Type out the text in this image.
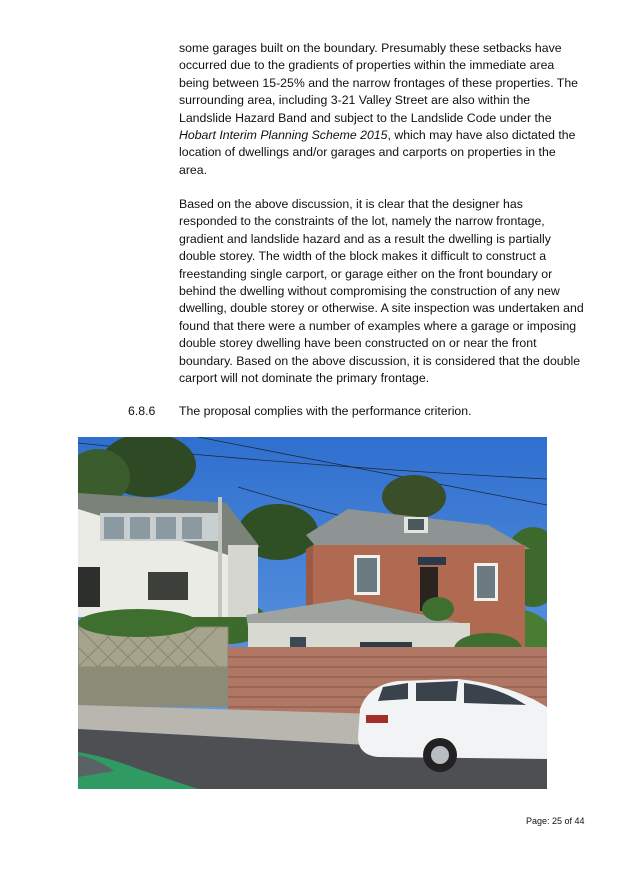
some garages built on the boundary. Presumably these setbacks have occurred due to the gradients of properties within the immediate area being between 15-25% and the narrow frontages of these properties. The surrounding area, including 3-21 Valley Street are also within the Landslide Hazard Band and subject to the Landslide Code under the Hobart Interim Planning Scheme 2015, which may have also dictated the location of dwellings and/or garages and carports on properties in the area.

Based on the above discussion, it is clear that the designer has responded to the constraints of the lot, namely the narrow frontage, gradient and landslide hazard and as a result the dwelling is partially double storey. The width of the block makes it difficult to construct a freestanding single carport, or garage either on the front boundary or behind the dwelling without compromising the construction of any new dwelling, double storey or otherwise. A site inspection was undertaken and found that there were a number of examples where a garage or imposing double storey dwelling have been constructed on or near the front boundary. Based on the above discussion, it is considered that the double carport will not dominate the primary frontage.

6.8.6 The proposal complies with the performance criterion.
Page: 25 of 44
